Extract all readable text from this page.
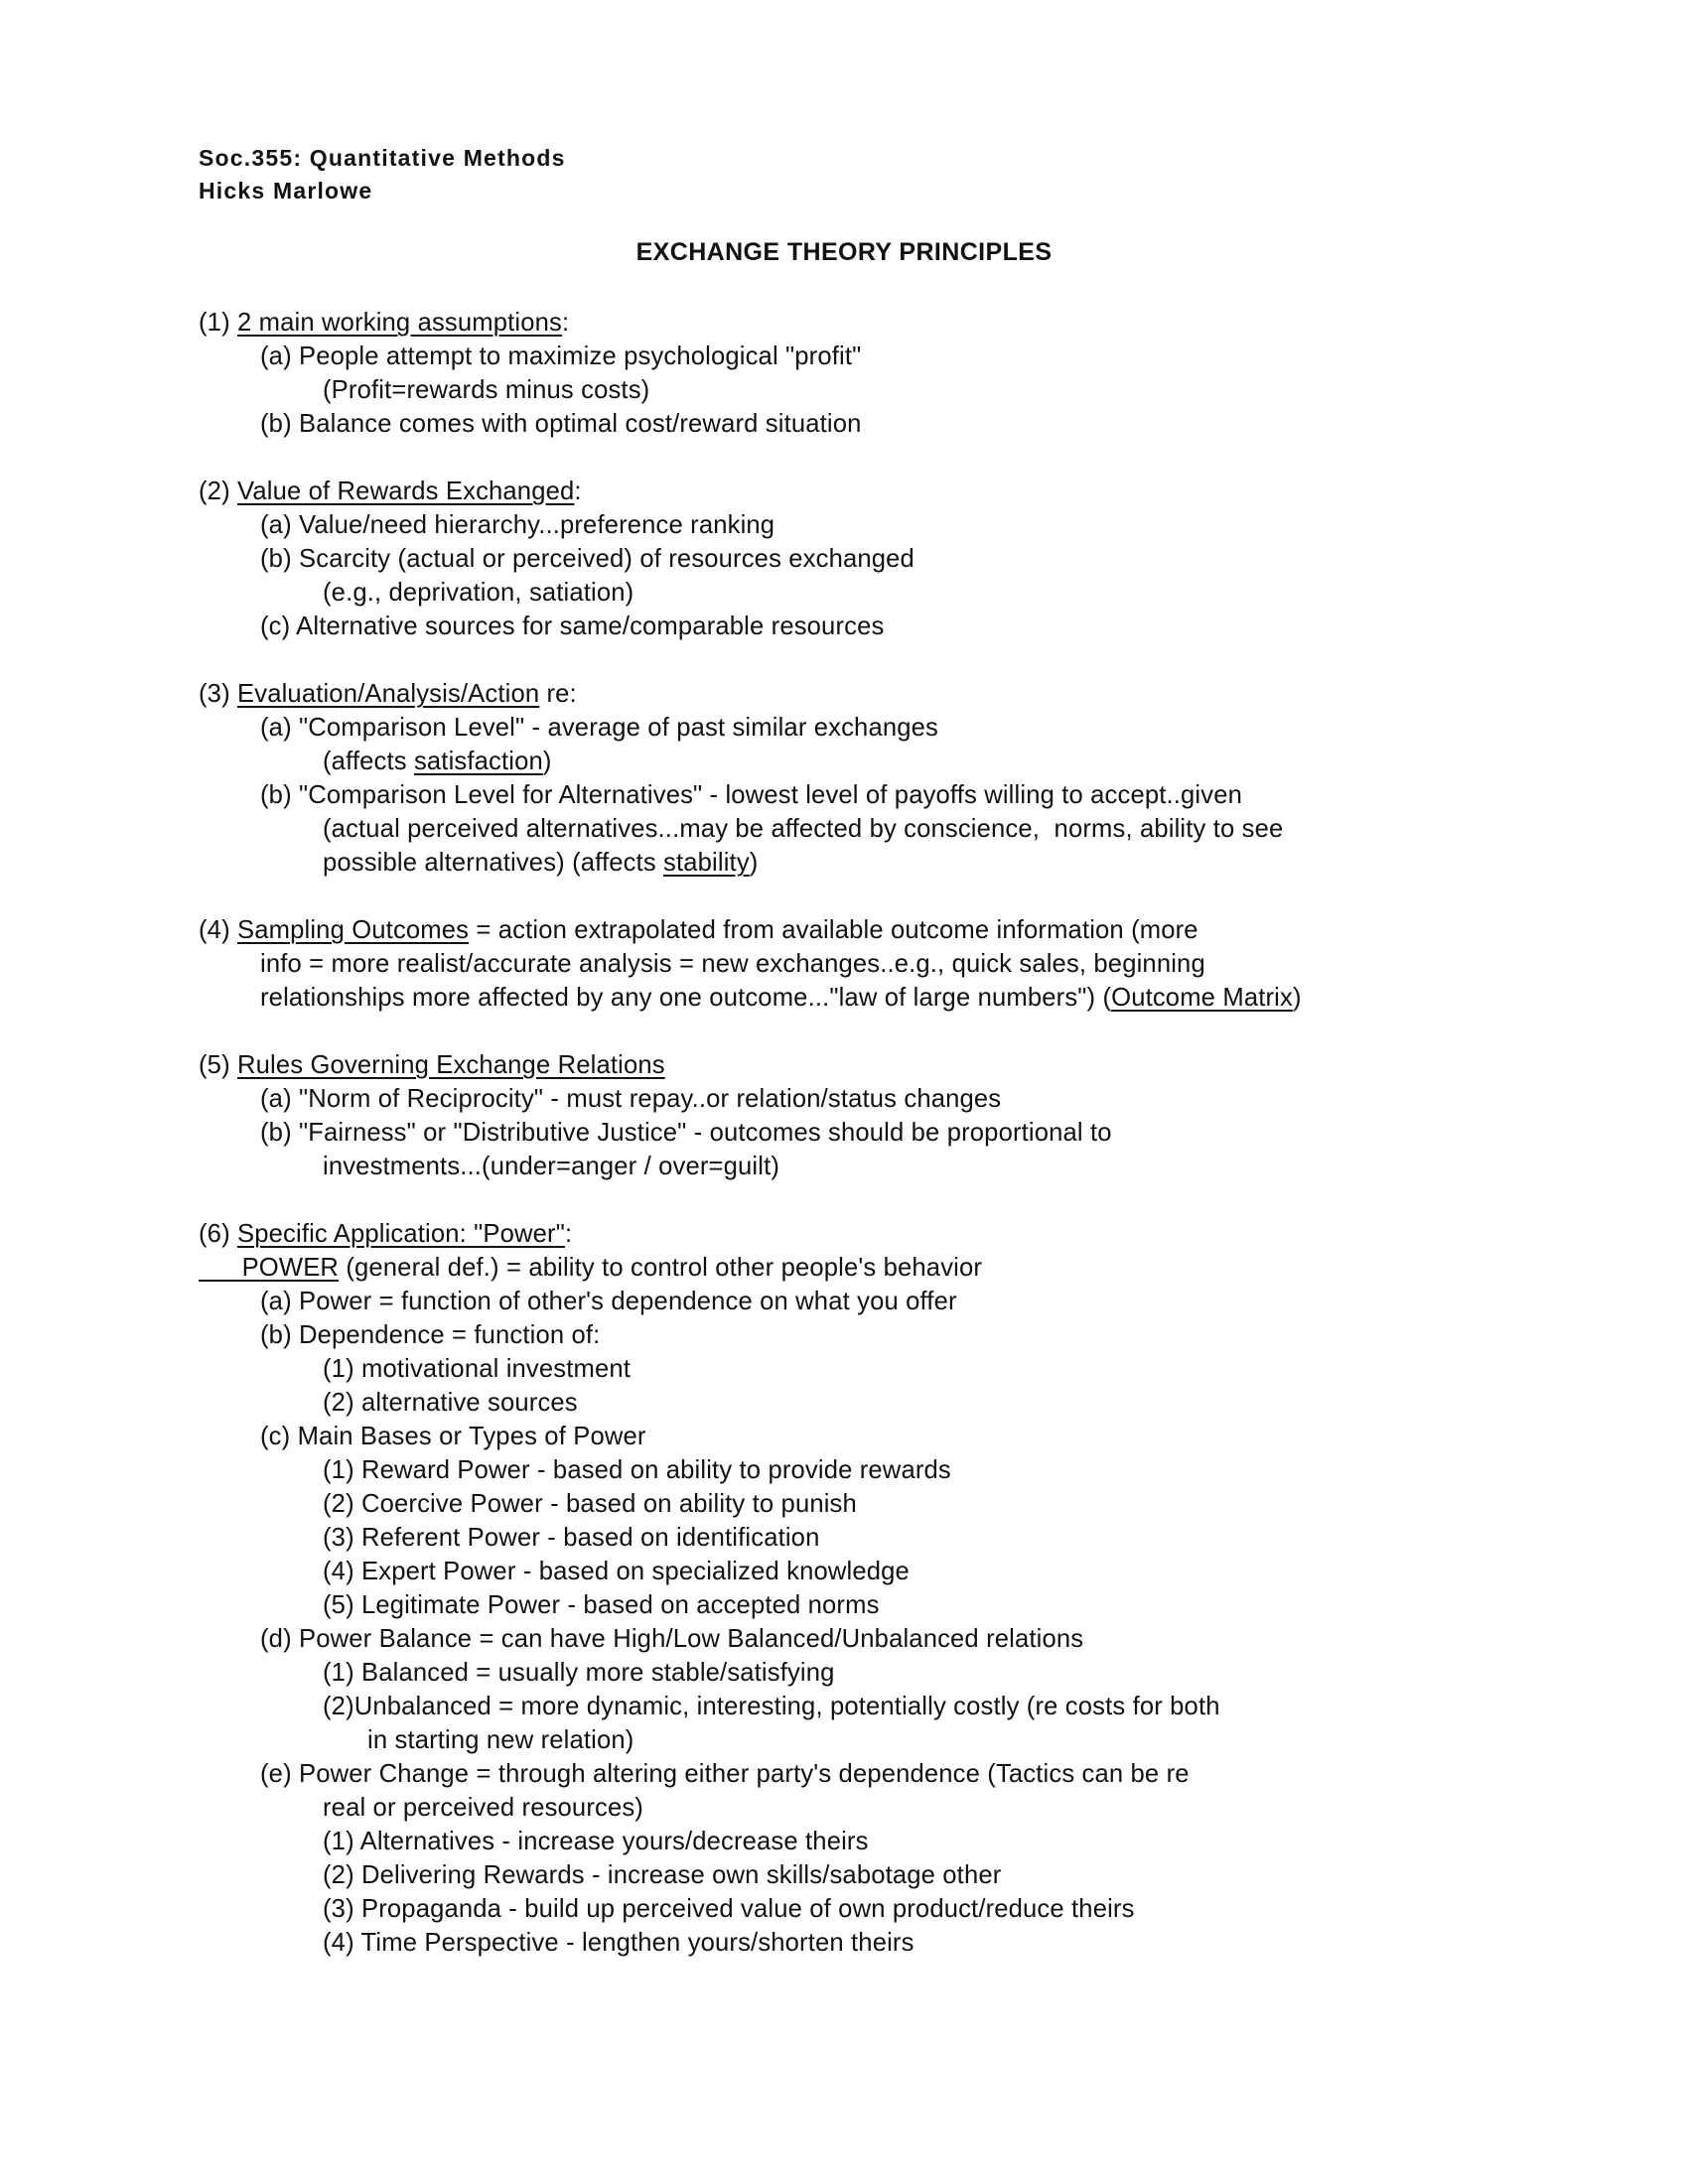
Soc.355: Quantitative Methods
Hicks Marlowe
EXCHANGE THEORY PRINCIPLES
(1) 2 main working assumptions:
(a) People attempt to maximize psychological "profit"
(Profit=rewards minus costs)
(b) Balance comes with optimal cost/reward situation
(2) Value of Rewards Exchanged:
(a) Value/need hierarchy...preference ranking
(b) Scarcity (actual or perceived) of resources exchanged
(e.g., deprivation, satiation)
(c) Alternative sources for same/comparable resources
(3) Evaluation/Analysis/Action re:
(a) "Comparison Level" - average of past similar exchanges
(affects satisfaction)
(b) "Comparison Level for Alternatives" - lowest level of payoffs willing to accept..given
(actual perceived alternatives...may be affected by conscience,  norms, ability to see
possible alternatives) (affects stability)
(4) Sampling Outcomes = action extrapolated from available outcome information (more
info = more realist/accurate analysis = new exchanges..e.g., quick sales, beginning
relationships more affected by any one outcome..."law of large numbers") (Outcome Matrix)
(5) Rules Governing Exchange Relations
(a) "Norm of Reciprocity" - must repay..or relation/status changes
(b) "Fairness" or "Distributive Justice" - outcomes should be proportional to
investments...(under=anger / over=guilt)
(6) Specific Application: "Power":
POWER (general def.) = ability to control other people's behavior
(a) Power = function of other's dependence on what you offer
(b) Dependence = function of:
(1) motivational investment
(2) alternative sources
(c) Main Bases or Types of Power
(1) Reward Power - based on ability to provide rewards
(2) Coercive Power - based on ability to punish
(3) Referent Power - based on identification
(4) Expert Power - based on specialized knowledge
(5) Legitimate Power - based on accepted norms
(d) Power Balance = can have High/Low Balanced/Unbalanced relations
(1) Balanced = usually more stable/satisfying
(2)Unbalanced = more dynamic, interesting, potentially costly (re costs for both
in starting new relation)
(e) Power Change = through altering either party's dependence (Tactics can be re
real or perceived resources)
(1) Alternatives - increase yours/decrease theirs
(2) Delivering Rewards - increase own skills/sabotage other
(3) Propaganda - build up perceived value of own product/reduce theirs
(4) Time Perspective - lengthen yours/shorten theirs
